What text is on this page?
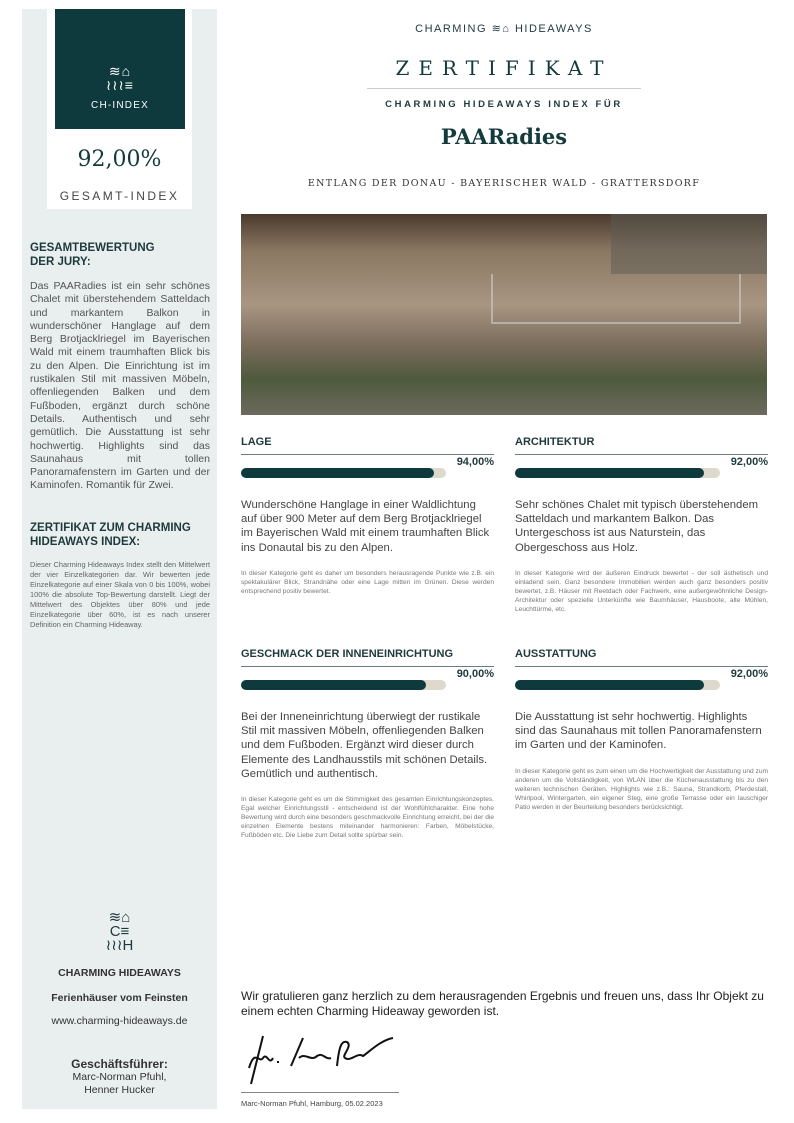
≋⌂
≀≀≀≡
CH-INDEX
92,00%
GESAMT-INDEX
GESAMTBEWERTUNG DER JURY:
Das PAARadies ist ein sehr schönes Chalet mit überstehendem Satteldach und markantem Balkon in wunderschöner Hanglage auf dem Berg Brotjacklriegel im Bayerischen Wald mit einem traumhaften Blick bis zu den Alpen. Die Einrichtung ist im rustikalen Stil mit massiven Möbeln, offenliegenden Balken und dem Fußboden, ergänzt durch schöne Details. Authentisch und sehr gemütlich. Die Ausstattung ist sehr hochwertig. Highlights sind das Saunahaus mit tollen Panoramafenstern im Garten und der Kaminofen. Romantik für Zwei.
ZERTIFIKAT ZUM CHARMING HIDEAWAYS INDEX:
Dieser Charming Hideaways Index stellt den Mittelwert der vier Einzelkategorien dar. Wir bewerten jede Einzelkategorie auf einer Skala von 0 bis 100%, wobei 100% die absolute Top-Bewertung darstellt. Liegt der Mittelwert des Objektes über 80% und jede Einzelkategorie über 60%, ist es nach unserer Definition ein Charming Hideaway.
≋⌂
C≡
≀≀≀H
CHARMING HIDEAWAYS
Ferienhäuser vom Feinsten
www.charming-hideaways.de
Geschäftsführer:
Marc-Norman Pfuhl, Henner Hucker
CHARMING ≋⌂ HIDEAWAYS
ZERTIFIKAT
CHARMING HIDEAWAYS INDEX FÜR
PAARadies
ENTLANG DER DONAU - BAYERISCHER WALD - GRATTERSDORF
LAGE
94,00%
Wunderschöne Hanglage in einer Waldlichtung auf über 900 Meter auf dem Berg Brotjacklriegel im Bayerischen Wald mit einem traumhaften Blick ins Donautal bis zu den Alpen.
In dieser Kategorie geht es daher um besonders herausragende Punkte wie z.B. ein spektakulärer Blick, Strandnähe oder eine Lage mitten im Grünen. Diese werden entsprechend positiv bewertet.
ARCHITEKTUR
92,00%
Sehr schönes Chalet mit typisch überstehendem Satteldach und markantem Balkon. Das Untergeschoss ist aus Naturstein, das Obergeschoss aus Holz.
In dieser Kategorie wird der äußeren Eindruck bewertet - der soll ästhetisch und einladend sein. Ganz besondere Immobilien werden auch ganz besonders positiv bewertet, z.B. Häuser mit Reetdach oder Fachwerk, eine außergewöhnliche Design-Architektur oder spezielle Unterkünfte wie Baumhäuser, Hausboote, alte Mühlen, Leuchttürme, etc.
GESCHMACK DER INNENEINRICHTUNG
90,00%
Bei der Inneneinrichtung überwiegt der rustikale Stil mit massiven Möbeln, offenliegenden Balken und dem Fußboden. Ergänzt wird dieser durch Elemente des Landhausstils mit schönen Details. Gemütlich und authentisch.
In dieser Kategorie geht es um die Stimmigkeit des gesamten Einrichtungskonzeptes. Egal welcher Einrichtungsstil - entscheidend ist der Wohlfühlcharakter. Eine hohe Bewertung wird durch eine besonders geschmackvolle Einrichtung erreicht, bei der die einzelnen Elemente bestens miteinander harmonieren: Farben, Möbelstücke, Fußböden etc. Die Liebe zum Detail sollte spürbar sein.
AUSSTATTUNG
92,00%
Die Ausstattung ist sehr hochwertig. Highlights sind das Saunahaus mit tollen Panoramafenstern im Garten und der Kaminofen.
In dieser Kategorie geht es zum einen um die Hochwertigkeit der Ausstattung und zum anderen um die Vollständigkeit, von WLAN über die Küchenausstattung bis zu den weiteren technischen Geräten. Highlights wie z.B.: Sauna, Strandkorb, Pferdestall, Whirlpool, Wintergarten, ein eigener Steg, eine große Terrasse oder ein lauschiger Patio werden in der Beurteilung besonders berücksichtigt.
Wir gratulieren ganz herzlich zu dem herausragenden Ergebnis und freuen uns, dass Ihr Objekt zu einem echten Charming Hideaway geworden ist.
Marc-Norman Pfuhl, Hamburg, 05.02.2023
